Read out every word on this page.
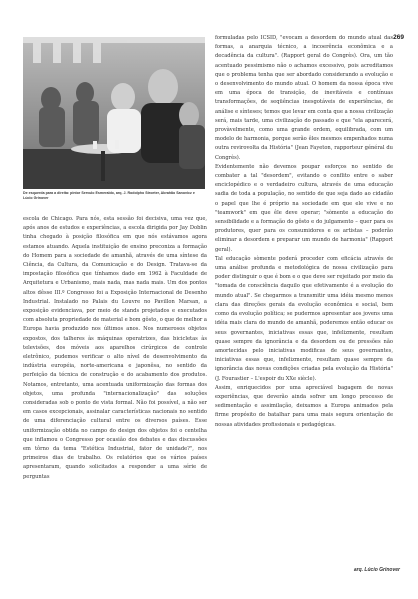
269
De esquerda para a direita: pintor Servulo Esmeraldo, arq. J. Rodolpho Stroeter, Abrahão Sanovicz e Lúcio Grinover

escola de Chicago. Para nós, esta sessão foi decisiva, uma vez que, após anos de estudos e experiências, a escola dirigida por Jay Doblin tinha chegado à posição filosófica em que nós estávamos agora estamos atuando. Aquela instituição de ensino preconiza a formação do Homem para a sociedade de amanhã, através de uma síntese da Ciência, da Cultura, da Comunicação e do Design. Tratava-se da impostação filosófica que tínhamos dado em 1962 à Faculdade de Arquitetura e Urbanismo, mais nada, mas nada mais. Um dos pontos altos dêsse III.º Congresso foi a Exposição Internacional de Desenho Industrial. Instalado no Palais du Louvre no Pavillon Marsan, a exposição evidenciava, por meio de stands projetados e executados com absoluta propriedade de material e bom gôsto, o que de melhor a Europa havia produzido nos últimos anos. Nos numerosos objetos expostos, dos talheres às máquinas operatrizes, das bicicletas às televisões, dos móveis aos aparelhos cirúrgicos de controle eletrônico, pudemos verificar o alto nível de desenvolvimento da indústria européia, norte-americana e japonêsa, no sentido da perfeição da técnica de construção e do acabamento dos produtos. Notamos, entretanto, uma acentuada uniformização das formas dos objetos, uma profunda "internacionalização" das soluções consideradas sob o ponto de vista formal. Não foi possível, a não ser em casos excepcionais, assinalar características nacionais no sentido de uma diferenciação cultural entre os diversos países. Esse uniformização obtida no campo do design dos objetos foi o centelha que inflamou o Congresso por ocasião dos debates e das discussões em tôrno da tema "Estética Industrial, fator de unidade?", nos primeiros dias de trabalho. Os relatórios que os vários países apresentaram, quando solicitados a responder a uma série de perguntas

formuladas pelo ICSID, "evocam a desordem do mundo atual das formas, a anarquia técnico, a incoerência econômica e a decadência da cultura". (Rapport geral do Congrès). Ora, um tão acentuado pessimismo não o achamos excessivo, pois acreditamos que o problema tenha que ser abordado considerando a evolução e o desenvolvimento do mundo atual. O homem da nossa época vive em uma época de transição, de inevitáveis e contínuas transformações, de seqüências inesgotáveis de experiências, de análise e sínteses; temos que levar em conta que a nossa civilização será, mais tarde, uma civilização do passado e que "ela aparecerá, provàvelmente, como uma grande ordem, equilibrada, com um modelo de harmonia, porque serão êles mesmos empenhados numa outra revirovolta da História" (Jean Fayeton, rapporteur général du Congrès).

Evidentemente não devemos poupar esforços no sentido de combater a tal "desordem", evitando o conflito entre o saber enciclopédico e o verdadeiro cultura, através de uma educação sadia de toda a população, no sentido de que seja dado ao cidadão o papel que lhe é próprio na sociedade em que ele vive e no "teamwork" em que êle deve operar; "sòmente a educação do sensibilidade e a formação do gôsto e do julgamento – quer para os produtores, quer para os consumidores e os artistas – poderão eliminar a desordem e preparar um mundo de harmonia" (Rapport geral).

Tal educação sòmente poderá proceder com eficácia através de uma análise profunda e metodológica de nossa civilização para poder distinguir o que é bom e o que deve ser rejeitado por meio da "tomada de consciência daquilo que efetivamente é a evolução do mundo atual". Se chegarmos a transmitir uma idéia mesmo menos clara das direções gerais da evolução econômica e social, bem como da evolução política; se pudermos apresentar aos jovens uma idéia mais clara do mundo de amanhã, poderemos então educar os seus governantes, iniciativas essas que, infelizmente, resultam quase sempre da ignorância e da desordem ou de pressões não amortecidas pelo iniciativas modificas de seus governantes, iniciativas essas que, infelizmente, resultam quase sempre da ignorância das novas condições criadas pela evolução da História" (J. Fourastier – L'espoir du XXe siècle).

Assim, enriquecidos por uma apreciável bagagem de novas experiências, que deverão ainda sofrer um longo processo de sedimentação e assimilação, deixamos a Europa animados pela firme propósito de batalhar para uma mais segura orientação de nossas atividades profissionais e pedagógicas.

arq. Lúcio Grinover
